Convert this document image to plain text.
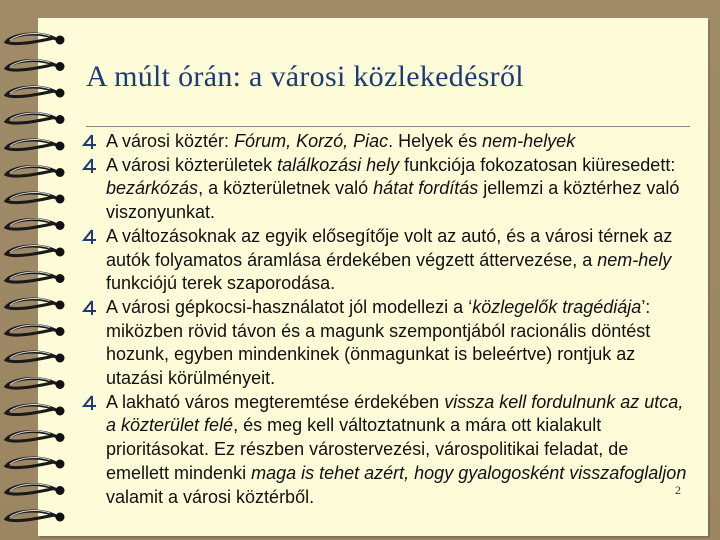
A múlt órán: a városi közlekedésről
A városi köztér: Fórum, Korzó, Piac. Helyek és nem-helyek
A városi közterületek találkozási hely funkciója fokozatosan kiüresedett: bezárkózás, a közterületnek való hátat fordítás jellemzi a köztérhez való viszonyunkat.
A változásoknak az egyik elősegítője volt az autó, és a városi térnek az autók folyamatos áramlása érdekében végzett áttervezése, a nem-hely funkciójú terek szaporodása.
A városi gépkocsi-használatot jól modellezi a ‘közlegelők tragédiája’: miközben rövid távon és a magunk szempontjából racionális döntést hozunk, egyben mindenkinek (önmagunkat is beleértve) rontjuk az utazási körülményeit.
A lakható város megteremtése érdekében vissza kell fordulnunk az utca, a közterület felé, és meg kell változtatnunk a mára ott kialakult prioritásokat. Ez részben várostervezési, várospolitikai feladat, de emellett mindenki maga is tehet azért, hogy gyalogosként visszafoglaljon valamit a városi köztérből.	2
